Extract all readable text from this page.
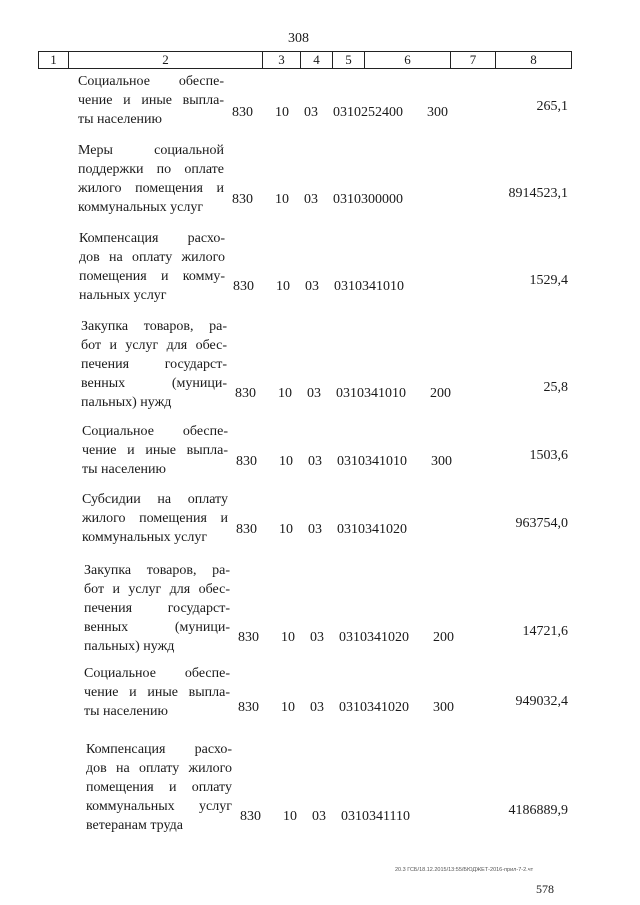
308
1	2	3	4	5	6	7	8
Социальное обеспе-
чение и иные выпла-
ты населению	830 10 03 0310252400 300	265,1
Меры социальной
поддержки по оплате
жилого помещения и
коммунальных услуг
830 10 03 0310300000	8914523,1
Компенсация расхо-
дов на оплату жилого
помещения и комму-
нальных услуг
830 10 03 0310341010	1529,4
Закупка товаров, ра-
бот и услуг для обес-
печения государст-
венных (муници-
пальных) нужд
830 10 03 0310341010 200	25,8
Социальное обеспе-
чение и иные выпла-
ты населению
830 10 03 0310341010 300	1503,6
Субсидии на оплату
жилого помещения и
коммунальных услуг
830 10 03 0310341020	963754,0
Закупка товаров, ра-
бот и услуг для обес-
печения государст-
венных (муници-
пальных) нужд
830 10 03 0310341020 200	14721,6
Социальное обеспе-
чение и иные выпла-
ты населению	830 10 03 0310341020 300	949032,4
Компенсация расхо-
дов на оплату жилого
помещения и оплату
коммунальных услуг
ветеранам труда
830 10 03 0310341110	4186889,9
20.3 ГСБ/18.12.2015/13:55/БЮДЖЕТ-2016-прил-7-2.чт
578
